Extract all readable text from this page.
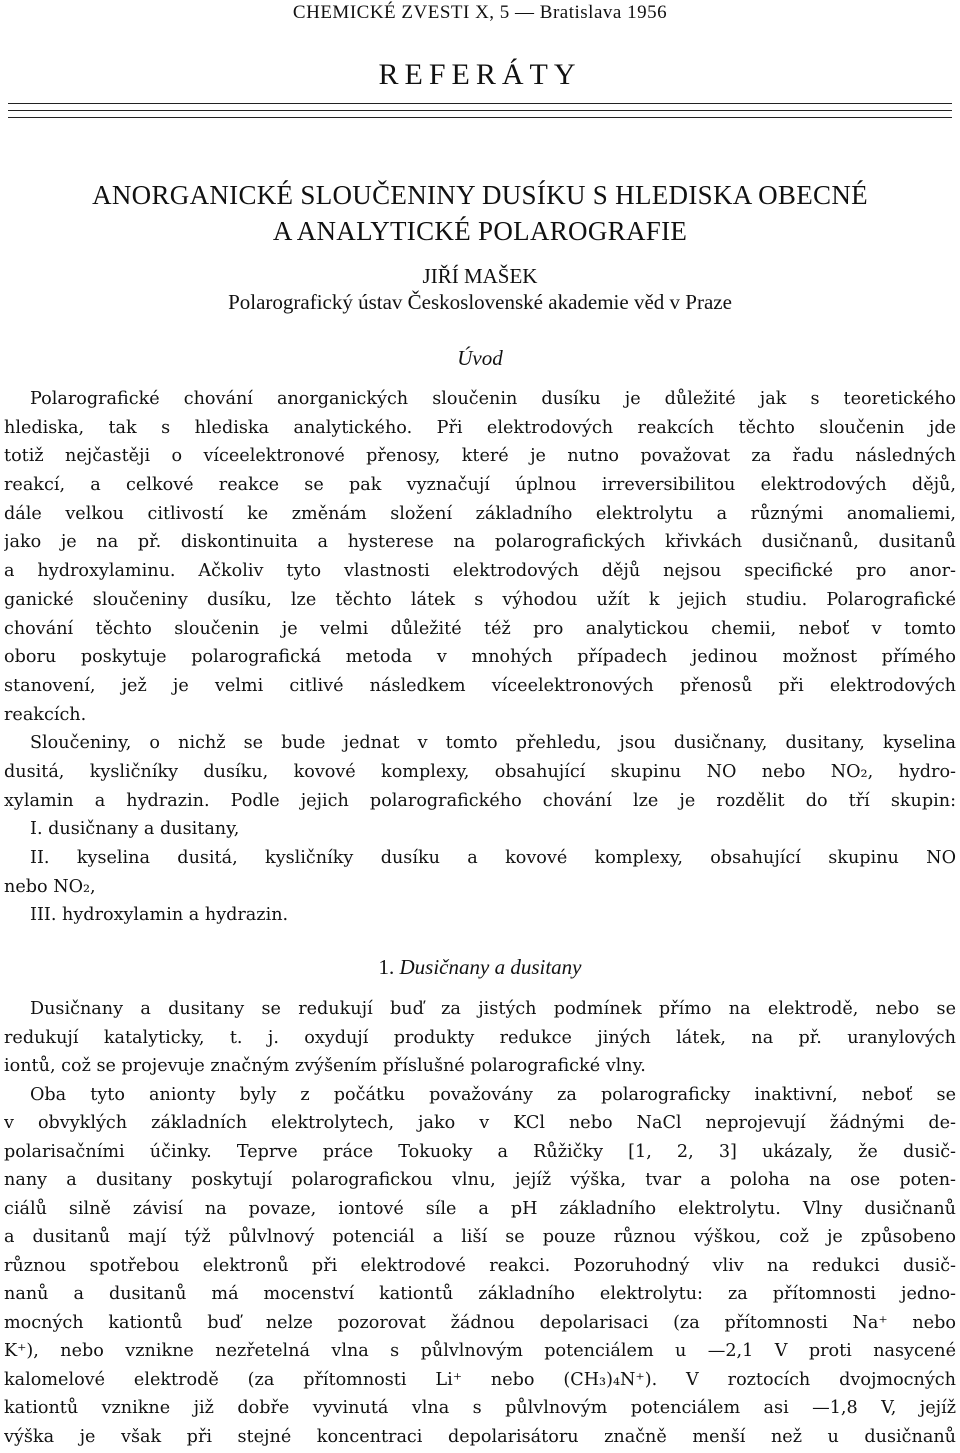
CHEMICKÉ ZVESTI X, 5 — Bratislava 1956
REFERÁTY
ANORGANICKÉ SLOUČENINY DUSÍKU S HLEDISKA OBECNÉ
A ANALYTICKÉ POLAROGRAFIE
JIŘÍ MAŠEK
Polarografický ústav Československé akademie věd v Praze
Úvod
Polarografické chování anorganických sloučenin dusíku je důležité jak s teoretického
hlediska, tak s hlediska analytického. Při elektrodových reakcích těchto sloučenin jde
totiž nejčastěji o víceelektronové přenosy, které je nutno považovat za řadu následných
reakcí, a celkové reakce se pak vyznačují úplnou irreversibilitou elektrodových dějů,
dále velkou citlivostí ke změnám složení základního elektrolytu a různými anomaliemi,
jako je na př. diskontinuita a hysterese na polarografických křivkách dusičnanů, dusitanů
a hydroxylaminu. Ačkoliv tyto vlastnosti elektrodových dějů nejsou specifické pro anor-
ganické sloučeniny dusíku, lze těchto látek s výhodou užít k jejich studiu. Polarografické
chování těchto sloučenin je velmi důležité též pro analytickou chemii, neboť v tomto
oboru poskytuje polarografická metoda v mnohých případech jedinou možnost přímého
stanovení, jež je velmi citlivé následkem víceelektronových přenosů při elektrodových
reakcích.
Sloučeniny, o nichž se bude jednat v tomto přehledu, jsou dusičnany, dusitany, kyselina
dusitá, kysličníky dusíku, kovové komplexy, obsahující skupinu NO nebo NO₂, hydro-
xylamin a hydrazin. Podle jejich polarografického chování lze je rozdělit do tří skupin:
I. dusičnany a dusitany,
II. kyselina dusitá, kysličníky dusíku a kovové komplexy, obsahující skupinu NO
nebo NO₂,
III. hydroxylamin a hydrazin.
1. Dusičnany a dusitany
Dusičnany a dusitany se redukují buď za jistých podmínek přímo na elektrodě, nebo se
redukují katalyticky, t. j. oxydují produkty redukce jiných látek, na př. uranylových
iontů, což se projevuje značným zvýšením příslušné polarografické vlny.
Oba tyto anionty byly z počátku považovány za polarograficky inaktivní, neboť se
v obvyklých základních elektrolytech, jako v KCl nebo NaCl neprojevují žádnými de-
polarisačními účinky. Teprve práce Tokuoky a Růžičky [1, 2, 3] ukázaly, že dusič-
nany a dusitany poskytují polarografickou vlnu, jejíž výška, tvar a poloha na ose poten-
ciálů silně závisí na povaze, iontové síle a pH základního elektrolytu. Vlny dusičnanů
a dusitanů mají týž půlvlnový potenciál a liší se pouze různou výškou, což je způsobeno
různou spotřebou elektronů při elektrodové reakci. Pozoruhodný vliv na redukci dusič-
nanů a dusitanů má mocenství kationtů základního elektrolytu: za přítomnosti jedno-
mocných kationtů buď nelze pozorovat žádnou depolarisaci (za přítomnosti Na⁺ nebo
K⁺), nebo vznikne nezřetelná vlna s půlvlnovým potenciálem u —2,1 V proti nasycené
kalomelové elektrodě (za přítomnosti Li⁺ nebo (CH₃)₄N⁺). V roztocích dvojmocných
kationtů vznikne již dobře vyvinutá vlna s půlvlnovým potenciálem asi —1,8 V, jejíž
výška je však při stejné koncentraci depolarisátoru značně menší než u dusičnanů
